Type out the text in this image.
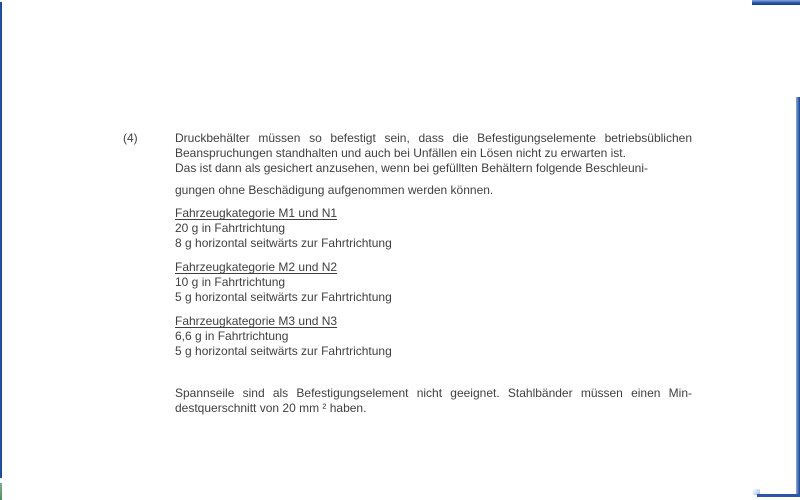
(4)	Druckbehälter müssen so befestigt sein, dass die Befestigungselemente betriebsüblichen
Beanspruchungen standhalten und auch bei Unfällen ein Lösen nicht zu erwarten ist.
Das ist dann als gesichert anzusehen, wenn bei gefüllten Behältern folgende Beschleuni-
gungen ohne Beschädigung aufgenommen werden können.
Fahrzeugkategorie M1 und N1
20 g in Fahrtrichtung
8 g horizontal seitwärts zur Fahrtrichtung
Fahrzeugkategorie M2 und N2
10 g in Fahrtrichtung
5 g horizontal seitwärts zur Fahrtrichtung
Fahrzeugkategorie M3 und N3
6,6 g in Fahrtrichtung
5 g horizontal seitwärts zur Fahrtrichtung
Spannseile sind als Befestigungselement nicht geeignet. Stahlbänder müssen einen Min-
destquerschnitt von 20 mm ² haben.
